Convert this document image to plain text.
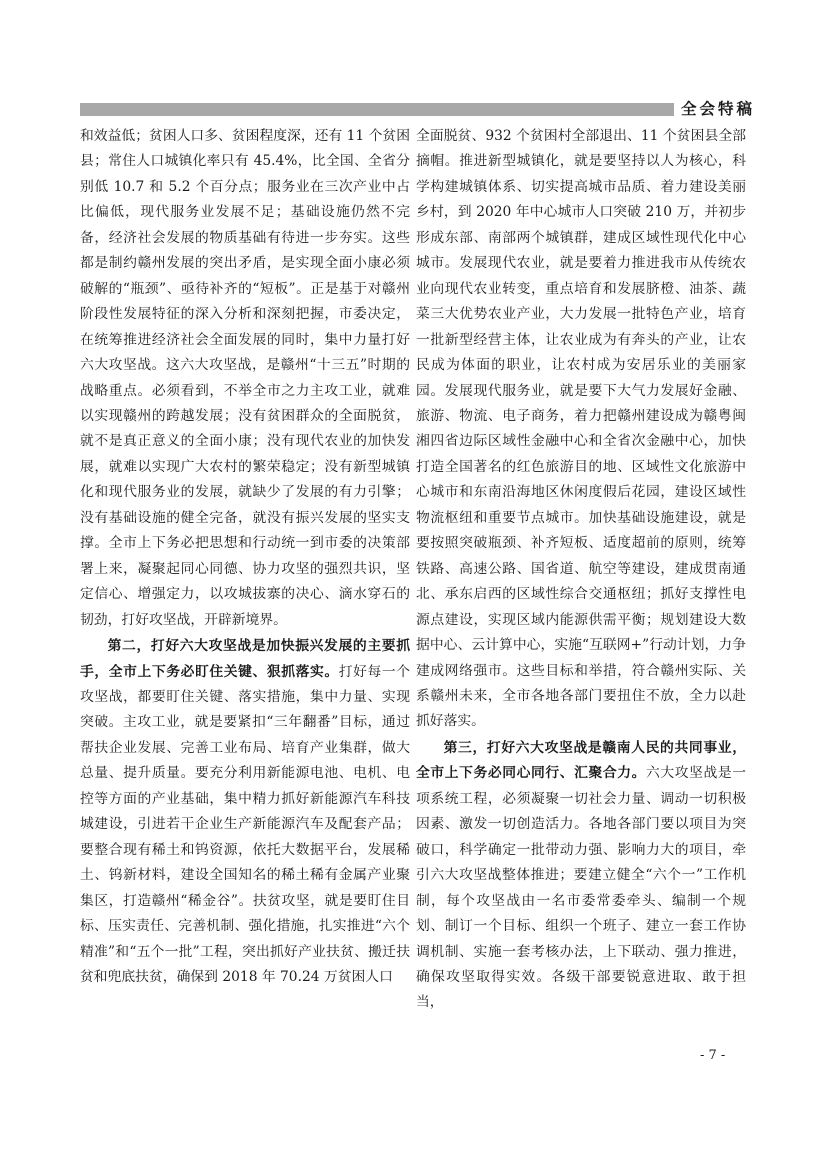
全会特稿

和效益低；贫困人口多、贫困程度深，还有 11 个贫困县；常住人口城镇化率只有 45.4%，比全国、全省分别低 10.7 和 5.2 个百分点；服务业在三次产业中占比偏低，现代服务业发展不足；基础设施仍然不完备，经济社会发展的物质基础有待进一步夯实。这些都是制约赣州发展的突出矛盾，是实现全面小康必须破解的“瓶颈”、亟待补齐的“短板”。正是基于对赣州阶段性发展特征的深入分析和深刻把握，市委决定，在统筹推进经济社会全面发展的同时，集中力量打好六大攻坚战。这六大攻坚战，是赣州“十三五”时期的战略重点。必须看到，不举全市之力主攻工业，就难以实现赣州的跨越发展；没有贫困群众的全面脱贫，就不是真正意义的全面小康；没有现代农业的加快发展，就难以实现广大农村的繁荣稳定；没有新型城镇化和现代服务业的发展，就缺少了发展的有力引擎；没有基础设施的健全完备，就没有振兴发展的坚实支撑。全市上下务必把思想和行动统一到市委的决策部署上来，凝聚起同心同德、协力攻坚的强烈共识，坚定信心、增强定力，以攻城拔寨的决心、滴水穿石的韧劲，打好攻坚战，开辟新境界。

第二，打好六大攻坚战是加快振兴发展的主要抓手，全市上下务必盯住关键、狠抓落实。打好每一个攻坚战，都要盯住关键、落实措施，集中力量、实现突破。主攻工业，就是要紧扣“三年翻番”目标，通过帮扶企业发展、完善工业布局、培育产业集群，做大总量、提升质量。要充分利用新能源电池、电机、电控等方面的产业基础，集中精力抓好新能源汽车科技城建设，引进若干企业生产新能源汽车及配套产品；要整合现有稀土和钨资源，依托大数据平台，发展稀土、钨新材料，建设全国知名的稀土稀有金属产业聚集区，打造赣州“稀金谷”。扶贫攻坚，就是要盯住目标、压实责任、完善机制、强化措施，扎实推进“六个精准”和“五个一批”工程，突出抓好产业扶贫、搬迁扶贫和兜底扶贫，确保到 2018 年 70.24 万贫困人口

全面脱贫、932 个贫困村全部退出、11 个贫困县全部摘帽。推进新型城镇化，就是要坚持以人为核心，科学构建城镇体系、切实提高城市品质、着力建设美丽乡村，到 2020 年中心城市人口突破 210 万，并初步形成东部、南部两个城镇群，建成区域性现代化中心城市。发展现代农业，就是要着力推进我市从传统农业向现代农业转变，重点培育和发展脐橙、油茶、蔬菜三大优势农业产业，大力发展一批特色产业，培育一批新型经营主体，让农业成为有奔头的产业，让农民成为体面的职业，让农村成为安居乐业的美丽家园。发展现代服务业，就是要下大气力发展好金融、旅游、物流、电子商务，着力把赣州建设成为赣粤闽湘四省边际区域性金融中心和全省次金融中心，加快打造全国著名的红色旅游目的地、区域性文化旅游中心城市和东南沿海地区休闲度假后花园，建设区域性物流枢纽和重要节点城市。加快基础设施建设，就是要按照突破瓶颈、补齐短板、适度超前的原则，统筹铁路、高速公路、国省道、航空等建设，建成贯南通北、承东启西的区域性综合交通枢纽；抓好支撑性电源点建设，实现区域内能源供需平衡；规划建设大数据中心、云计算中心，实施“互联网+”行动计划，力争建成网络强市。这些目标和举措，符合赣州实际、关系赣州未来，全市各地各部门要扭住不放，全力以赴抓好落实。

第三，打好六大攻坚战是赣南人民的共同事业，全市上下务必同心同行、汇聚合力。六大攻坚战是一项系统工程，必须凝聚一切社会力量、调动一切积极因素、激发一切创造活力。各地各部门要以项目为突破口，科学确定一批带动力强、影响力大的项目，牵引六大攻坚战整体推进；要建立健全“六个一”工作机制，每个攻坚战由一名市委常委牵头、编制一个规划、制订一个目标、组织一个班子、建立一套工作协调机制、实施一套考核办法，上下联动、强力推进，确保攻坚取得实效。各级干部要锐意进取、敢于担当，

- 7 -
